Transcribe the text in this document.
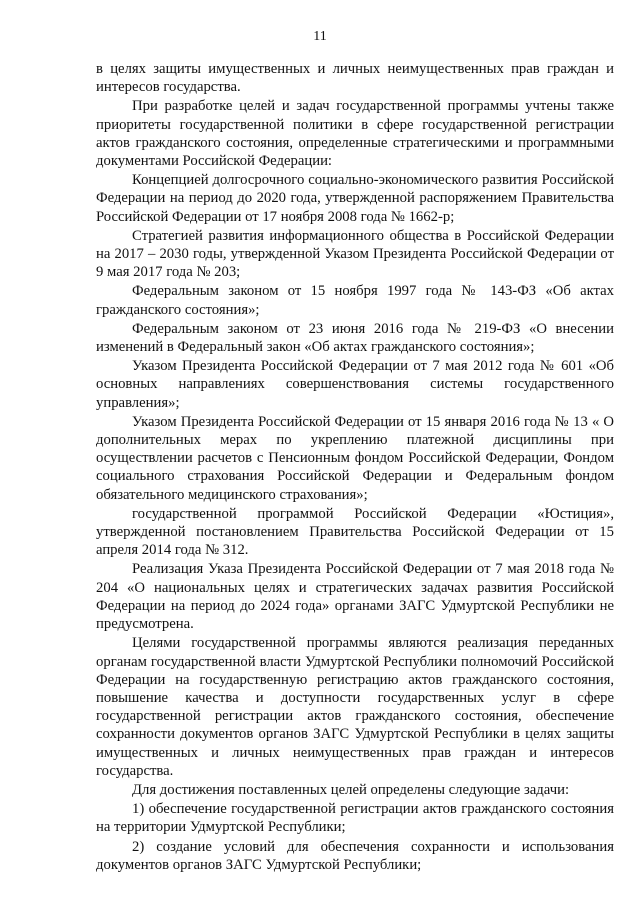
11

в целях защиты имущественных и личных неимущественных прав граждан и интересов государства.

При разработке целей и задач государственной программы учтены также приоритеты государственной политики в сфере государственной регистрации актов гражданского состояния, определенные стратегическими и программными документами Российской Федерации:

Концепцией долгосрочного социально-экономического развития Российской Федерации на период до 2020 года, утвержденной распоряжением Правительства Российской Федерации от 17 ноября 2008 года № 1662-р;

Стратегией развития информационного общества в Российской Федерации на 2017 – 2030 годы, утвержденной Указом Президента Российской Федерации от 9 мая 2017 года № 203;

Федеральным законом от 15 ноября 1997 года № 143-ФЗ «Об актах гражданского состояния»;

Федеральным законом от 23 июня 2016 года № 219-ФЗ «О внесении изменений в Федеральный закон «Об актах гражданского состояния»;

Указом Президента Российской Федерации от 7 мая 2012 года № 601 «Об основных направлениях совершенствования системы государственного управления»;

Указом Президента Российской Федерации от 15 января 2016 года № 13 « О дополнительных мерах по укреплению платежной дисциплины при осуществлении расчетов с Пенсионным фондом Российской Федерации, Фондом социального страхования Российской Федерации и Федеральным фондом обязательного медицинского страхования»;

государственной программой Российской Федерации «Юстиция», утвержденной постановлением Правительства Российской Федерации от 15 апреля 2014 года № 312.

Реализация Указа Президента Российской Федерации от 7 мая 2018 года № 204 «О национальных целях и стратегических задачах развития Российской Федерации на период до 2024 года» органами ЗАГС Удмуртской Республики не предусмотрена.

Целями государственной программы являются реализация переданных органам государственной власти Удмуртской Республики полномочий Российской Федерации на государственную регистрацию актов гражданского состояния, повышение качества и доступности государственных услуг в сфере государственной регистрации актов гражданского состояния, обеспечение сохранности документов органов ЗАГС Удмуртской Республики в целях защиты имущественных и личных неимущественных прав граждан и интересов государства.

Для достижения поставленных целей определены следующие задачи:

1) обеспечение государственной регистрации актов гражданского состояния на территории Удмуртской Республики;

2) создание условий для обеспечения сохранности и использования документов органов ЗАГС Удмуртской Республики;
